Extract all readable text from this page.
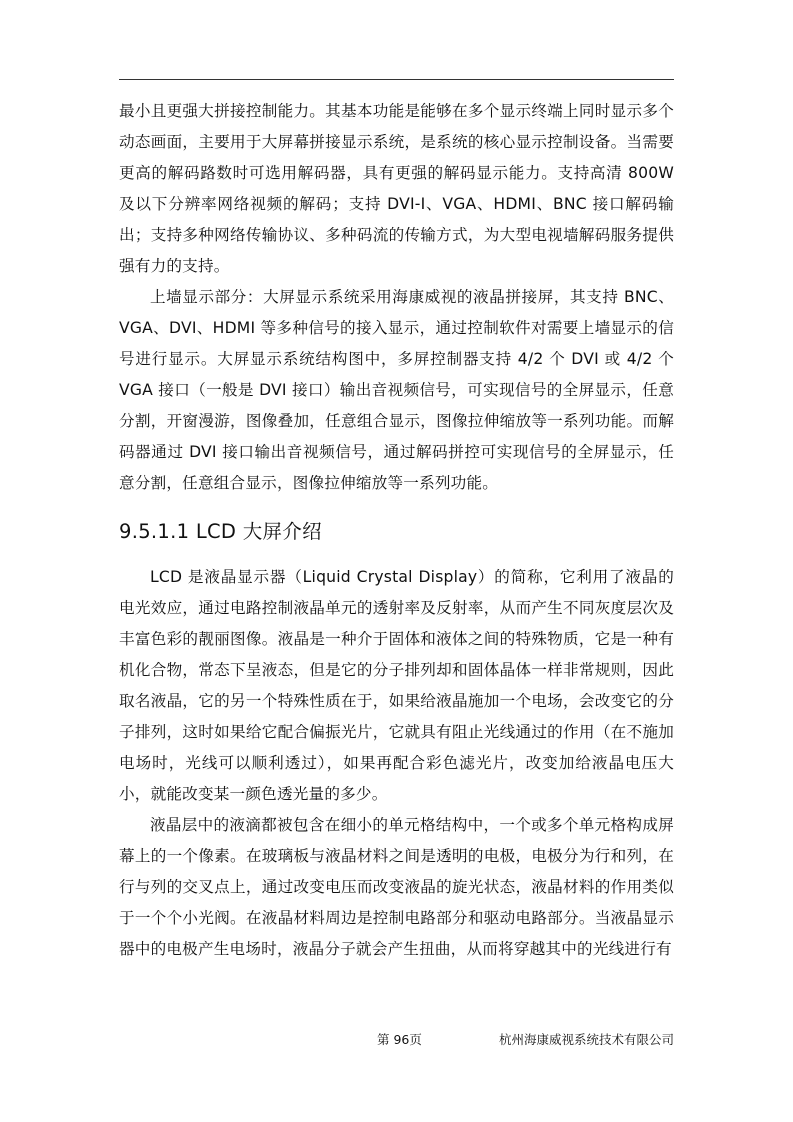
最小且更强大拼接控制能力。其基本功能是能够在多个显示终端上同时显示多个动态画面，主要用于大屏幕拼接显示系统，是系统的核心显示控制设备。当需要更高的解码路数时可选用解码器，具有更强的解码显示能力。支持高清 800W 及以下分辨率网络视频的解码；支持 DVI-I、VGA、HDMI、BNC 接口解码输出；支持多种网络传输协议、多种码流的传输方式，为大型电视墙解码服务提供强有力的支持。

上墙显示部分：大屏显示系统采用海康威视的液晶拼接屏，其支持 BNC、VGA、DVI、HDMI 等多种信号的接入显示，通过控制软件对需要上墙显示的信号进行显示。大屏显示系统结构图中，多屏控制器支持 4/2 个 DVI 或 4/2 个 VGA 接口（一般是 DVI 接口）输出音视频信号，可实现信号的全屏显示，任意分割，开窗漫游，图像叠加，任意组合显示，图像拉伸缩放等一系列功能。而解码器通过 DVI 接口输出音视频信号，通过解码拼控可实现信号的全屏显示，任意分割，任意组合显示，图像拉伸缩放等一系列功能。

9.5.1.1 LCD 大屏介绍

LCD 是液晶显示器（Liquid Crystal Display）的简称，它利用了液晶的电光效应，通过电路控制液晶单元的透射率及反射率，从而产生不同灰度层次及丰富色彩的靓丽图像。液晶是一种介于固体和液体之间的特殊物质，它是一种有机化合物，常态下呈液态，但是它的分子排列却和固体晶体一样非常规则，因此取名液晶，它的另一个特殊性质在于，如果给液晶施加一个电场，会改变它的分子排列，这时如果给它配合偏振光片，它就具有阻止光线通过的作用（在不施加电场时，光线可以顺利透过），如果再配合彩色滤光片，改变加给液晶电压大小，就能改变某一颜色透光量的多少。

液晶层中的液滴都被包含在细小的单元格结构中，一个或多个单元格构成屏幕上的一个像素。在玻璃板与液晶材料之间是透明的电极，电极分为行和列，在行与列的交叉点上，通过改变电压而改变液晶的旋光状态，液晶材料的作用类似于一个个小光阀。在液晶材料周边是控制电路部分和驱动电路部分。当液晶显示器中的电极产生电场时，液晶分子就会产生扭曲，从而将穿越其中的光线进行有

第 96页	杭州海康威视系统技术有限公司
